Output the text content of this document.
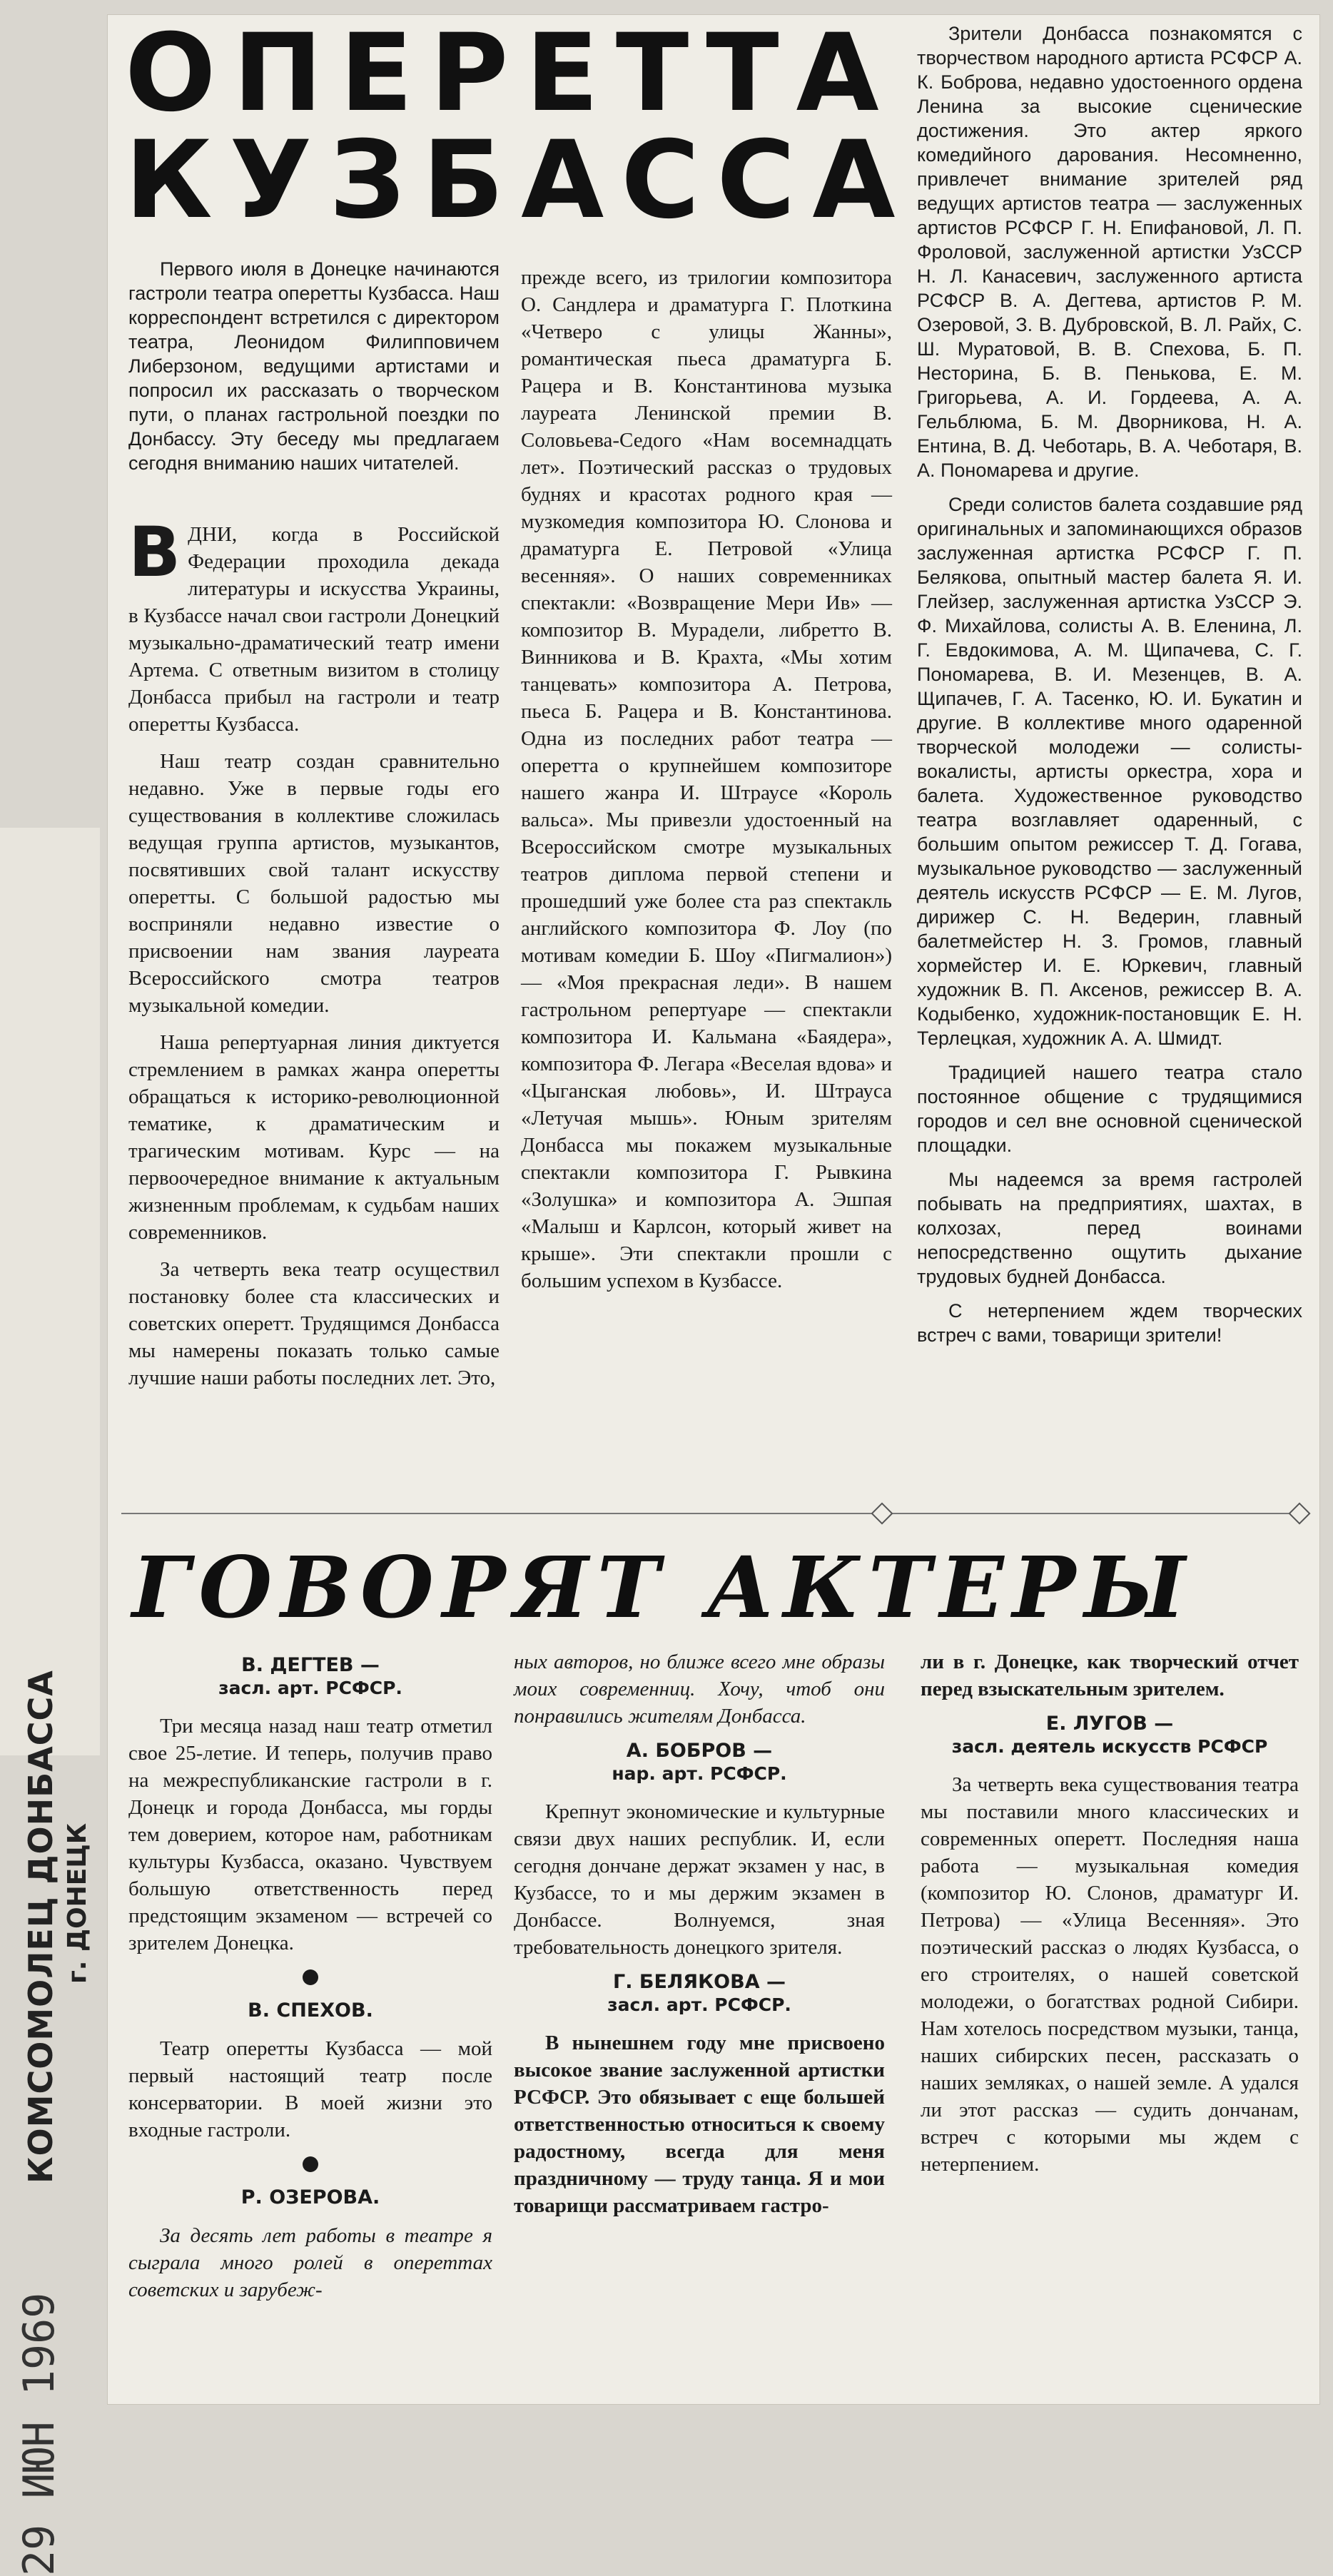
КОМСОМОЛЕЦ ДОНБАССА г. ДОНЕЦК
29 ИЮН 1969
ОПЕРЕТТА
КУЗБАССА

Первого июля в Донецке начинаются гастроли театра оперетты Кузбасса. Наш корреспондент встретился с директором театра, Леонидом Филипповичем Либерзоном, ведущими артистами и попросил их рассказать о творческом пути, о планах гастрольной поездки по Донбассу. Эту беседу мы предлагаем сегодня вниманию наших читателей.

ВДНИ, когда в Российской Федерации проходила декада литературы и искусства Украины, в Кузбассе начал свои гастроли Донецкий музыкально-драматический театр имени Артема. С ответным визитом в столицу Донбасса прибыл на гастроли и театр оперетты Кузбасса.

Наш театр создан сравнительно недавно. Уже в первые годы его существования в коллективе сложилась ведущая группа артистов, музыкантов, посвятивших свой талант искусству оперетты. С большой радостью мы восприняли недавно известие о присвоении нам звания лауреата Всероссийского смотра театров музыкальной комедии.

Наша репертуарная линия диктуется стремлением в рамках жанра оперетты обращаться к историко-революционной тематике, к драматическим и трагическим мотивам. Курс — на первоочередное внимание к актуальным жизненным проблемам, к судьбам наших современников.

За четверть века театр осуществил постановку более ста классических и советских оперетт. Трудящимся Донбасса мы намерены показать только самые лучшие наши работы последних лет. Это,

прежде всего, из трилогии композитора О. Сандлера и драматурга Г. Плоткина «Четверо с улицы Жанны», романтическая пьеса драматурга Б. Рацера и В. Константинова музыка лауреата Ленинской премии В. Соловьева-Седого «Нам восемнадцать лет». Поэтический рассказ о трудовых буднях и красотах родного края — музкомедия композитора Ю. Слонова и драматурга Е. Петровой «Улица весенняя». О наших современниках спектакли: «Возвращение Мери Ив» — композитор В. Мурадели, либретто В. Винникова и В. Крахта, «Мы хотим танцевать» композитора А. Петрова, пьеса Б. Рацера и В. Константинова. Одна из последних работ театра — оперетта о крупнейшем композиторе нашего жанра И. Штраусе «Король вальса». Мы привезли удостоенный на Всероссийском смотре музыкальных театров диплома первой степени и прошедший уже более ста раз спектакль английского композитора Ф. Лоу (по мотивам комедии Б. Шоу «Пигмалион») — «Моя прекрасная леди». В нашем гастрольном репертуаре — спектакли композитора И. Кальмана «Баядера», композитора Ф. Легара «Веселая вдова» и «Цыганская любовь», И. Штрауса «Летучая мышь». Юным зрителям Донбасса мы покажем музыкальные спектакли композитора Г. Рывкина «Золушка» и композитора А. Эшпая «Малыш и Карлсон, который живет на крыше». Эти спектакли прошли с большим успехом в Кузбассе.

Зрители Донбасса познакомятся с творчеством народного артиста РСФСР А. К. Боброва, недавно удостоенного ордена Ленина за высокие сценические достижения. Это актер яркого комедийного дарования. Несомненно, привлечет внимание зрителей ряд ведущих артистов театра — заслуженных артистов РСФСР Г. Н. Епифановой, Л. П. Фроловой, заслуженной артистки УзССР Н. Л. Канасевич, заслуженного артиста РСФСР В. А. Дегтева, артистов Р. М. Озеровой, З. В. Дубровской, В. Л. Райх, С. Ш. Муратовой, В. В. Спехова, Б. П. Несторина, Б. В. Пенькова, Е. М. Григорьева, А. И. Гордеева, А. А. Гельблюма, Б. М. Дворникова, Н. А. Ентина, В. Д. Чеботарь, В. А. Чеботаря, В. А. Пономарева и другие.

Среди солистов балета создавшие ряд оригинальных и запоминающихся образов заслуженная артистка РСФСР Г. П. Белякова, опытный мастер балета Я. И. Глейзер, заслуженная артистка УзССР Э. Ф. Михайлова, солисты А. В. Еленина, Л. Г. Евдокимова, А. М. Щипачева, С. Г. Пономарева, В. И. Мезенцев, В. А. Щипачев, Г. А. Тасенко, Ю. И. Букатин и другие. В коллективе много одаренной творческой молодежи — солисты-вокалисты, артисты оркестра, хора и балета. Художественное руководство театра возглавляет одаренный, с большим опытом режиссер Т. Д. Гогава, музыкальное руководство — заслуженный деятель искусств РСФСР — Е. М. Лугов, дирижер С. Н. Ведерин, главный балетмейстер Н. З. Громов, главный хормейстер И. Е. Юркевич, главный художник В. П. Аксенов, режиссер В. А. Кодыбенко, художник-постановщик Е. Н. Терлецкая, художник А. А. Шмидт.

Традицией нашего театра стало постоянное общение с трудящимися городов и сел вне основной сценической площадки.

Мы надеемся за время гастролей побывать на предприятиях, шахтах, в колхозах, перед воинами непосредственно ощутить дыхание трудовых будней Донбасса.

С нетерпением ждем творческих встреч с вами, товарищи зрители!

ГОВОРЯТ АКТЕРЫ
В. ДЕГТЕВ —
засл. арт. РСФСР.

Три месяца назад наш театр отметил свое 25-летие. И теперь, получив право на межреспубликанские гастроли в г. Донецк и города Донбасса, мы горды тем доверием, которое нам, работникам культуры Кузбасса, оказано. Чувствуем большую ответственность перед предстоящим экзаменом — встречей со зрителем Донецка.

В. СПЕХОВ.

Театр оперетты Кузбасса — мой первый настоящий театр после консерватории. В моей жизни это входные гастроли.

Р. ОЗЕРОВА.

За десять лет работы в театре я сыграла много ролей в опереттах советских и зарубеж-

ных авторов, но ближе всего мне образы моих современниц. Хочу, чтоб они понравились жителям Донбасса.

А. БОБРОВ —
нар. арт. РСФСР.

Крепнут экономические и культурные связи двух наших республик. И, если сегодня дончане держат экзамен у нас, в Кузбассе, то и мы держим экзамен в Донбассе. Волнуемся, зная требовательность донецкого зрителя.

Г. БЕЛЯКОВА —
засл. арт. РСФСР.

В нынешнем году мне присвоено высокое звание заслуженной артистки РСФСР. Это обязывает с еще большей ответственностью относиться к своему радостному, всегда для меня праздничному — труду танца. Я и мои товарищи рассматриваем гастро-

ли в г. Донецке, как творческий отчет перед взыскательным зрителем.

Е. ЛУГОВ —
засл. деятель искусств РСФСР

За четверть века существования театра мы поставили много классических и современных оперетт. Последняя наша работа — музыкальная комедия (композитор Ю. Слонов, драматург И. Петрова) — «Улица Весенняя». Это поэтический рассказ о людях Кузбасса, о его строителях, о нашей советской молодежи, о богатствах родной Сибири. Нам хотелось посредством музыки, танца, наших сибирских песен, рассказать о наших земляках, о нашей земле. А удался ли этот рассказ — судить дончанам, встреч с которыми мы ждем с нетерпением.
